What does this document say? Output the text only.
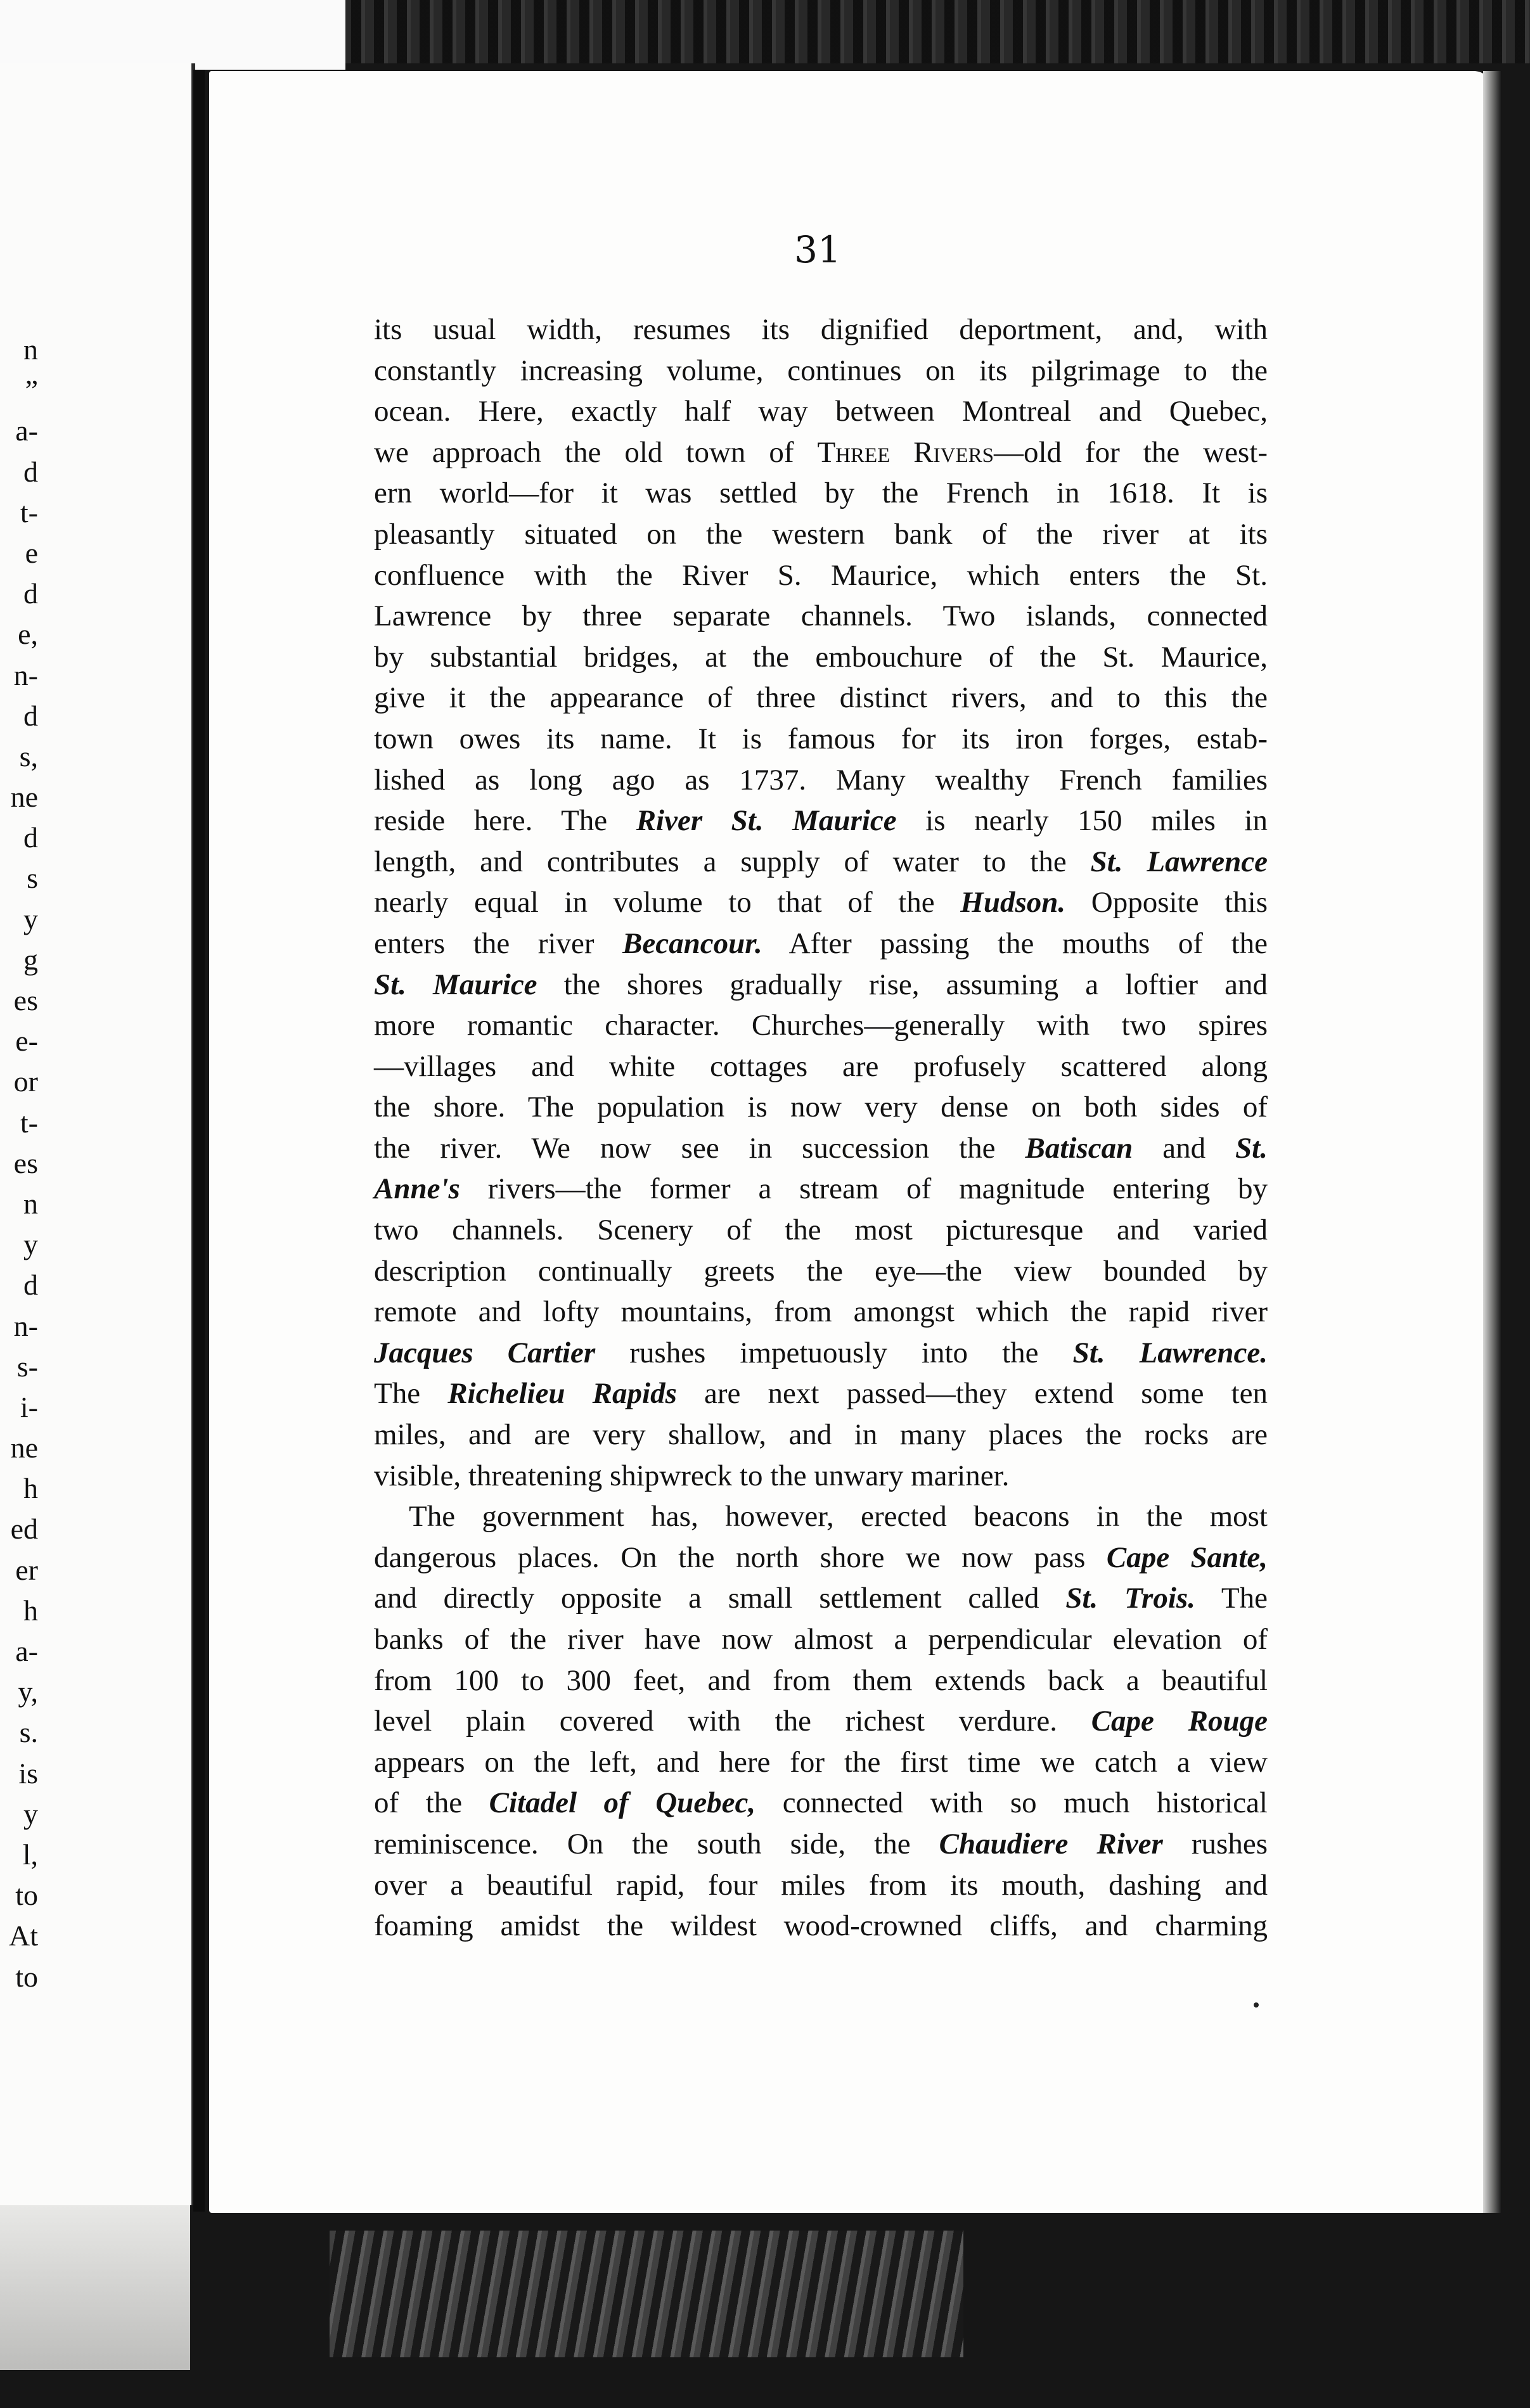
n
”
a-
d
t-
e
d
e,
n-
d
s,
ne
d
s
y
g
es
e-
or
t-
es
n
y
d
n-
s-
i-
ne
h
ed
er
h
a-
y,
s.
is
y
l,
to
At
to
31
its usual width, resumes its dignified deportment, and, with
constantly increasing volume, continues on its pilgrimage to the
ocean. Here, exactly half way between Montreal and Quebec,
we approach the old town of Three Rivers—old for the west-
ern world—for it was settled by the French in 1618. It is
pleasantly situated on the western bank of the river at its
confluence with the River S. Maurice, which enters the St.
Lawrence by three separate channels. Two islands, connected
by substantial bridges, at the embouchure of the St. Maurice,
give it the appearance of three distinct rivers, and to this the
town owes its name. It is famous for its iron forges, estab-
lished as long ago as 1737. Many wealthy French families
reside here. The River St. Maurice is nearly 150 miles in
length, and contributes a supply of water to the St. Lawrence
nearly equal in volume to that of the Hudson. Opposite this
enters the river Becancour. After passing the mouths of the
St. Maurice the shores gradually rise, assuming a loftier and
more romantic character. Churches—generally with two spires
—villages and white cottages are profusely scattered along
the shore. The population is now very dense on both sides of
the river. We now see in succession the Batiscan and St.
Anne's rivers—the former a stream of magnitude entering by
two channels. Scenery of the most picturesque and varied
description continually greets the eye—the view bounded by
remote and lofty mountains, from amongst which the rapid river
Jacques Cartier rushes impetuously into the St. Lawrence.
The Richelieu Rapids are next passed—they extend some ten
miles, and are very shallow, and in many places the rocks are
visible, threatening shipwreck to the unwary mariner.
The government has, however, erected beacons in the most
dangerous places. On the north shore we now pass Cape Sante,
and directly opposite a small settlement called St. Trois. The
banks of the river have now almost a perpendicular elevation of
from 100 to 300 feet, and from them extends back a beautiful
level plain covered with the richest verdure. Cape Rouge
appears on the left, and here for the first time we catch a view
of the Citadel of Quebec, connected with so much historical
reminiscence. On the south side, the Chaudiere River rushes
over a beautiful rapid, four miles from its mouth, dashing and
foaming amidst the wildest wood-crowned cliffs, and charming
